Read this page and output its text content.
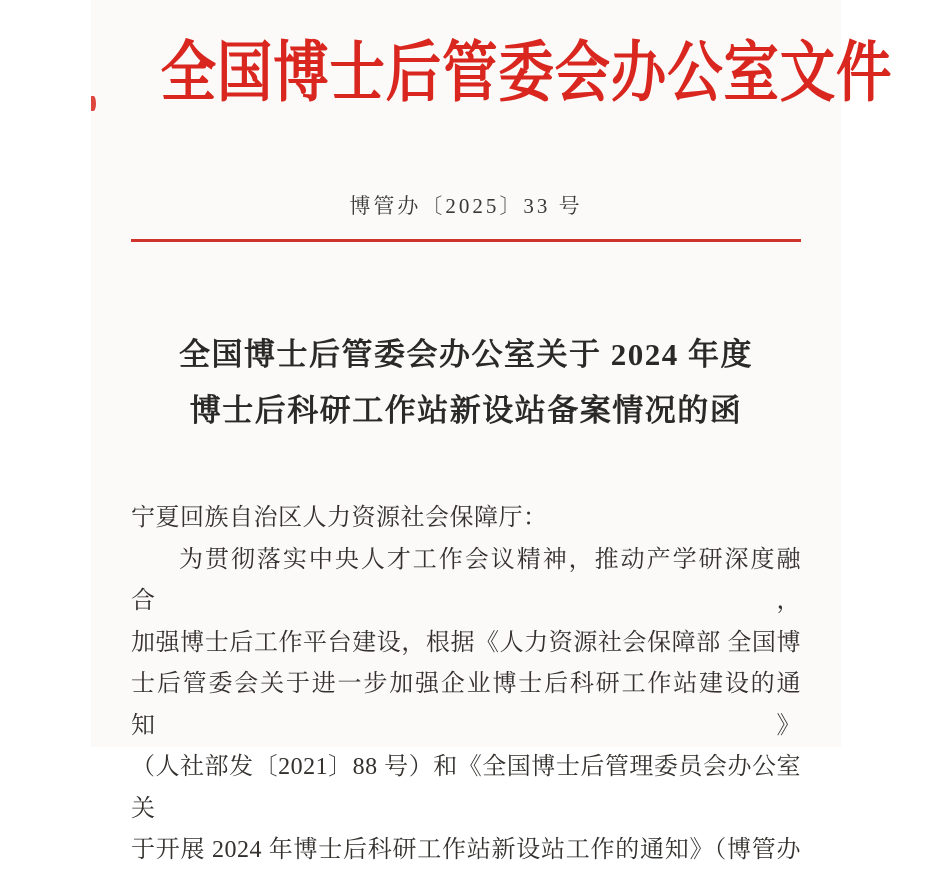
全国博士后管委会办公室文件
博管办〔2025〕33 号
全国博士后管委会办公室关于 2024 年度
博士后科研工作站新设站备案情况的函
宁夏回族自治区人力资源社会保障厅：
为贯彻落实中央人才工作会议精神，推动产学研深度融合，
加强博士后工作平台建设，根据《人力资源社会保障部 全国博
士后管委会关于进一步加强企业博士后科研工作站建设的通知》
（人社部发〔2021〕88 号）和《全国博士后管理委员会办公室关
于开展 2024 年博士后科研工作站新设站工作的通知》（博管办
